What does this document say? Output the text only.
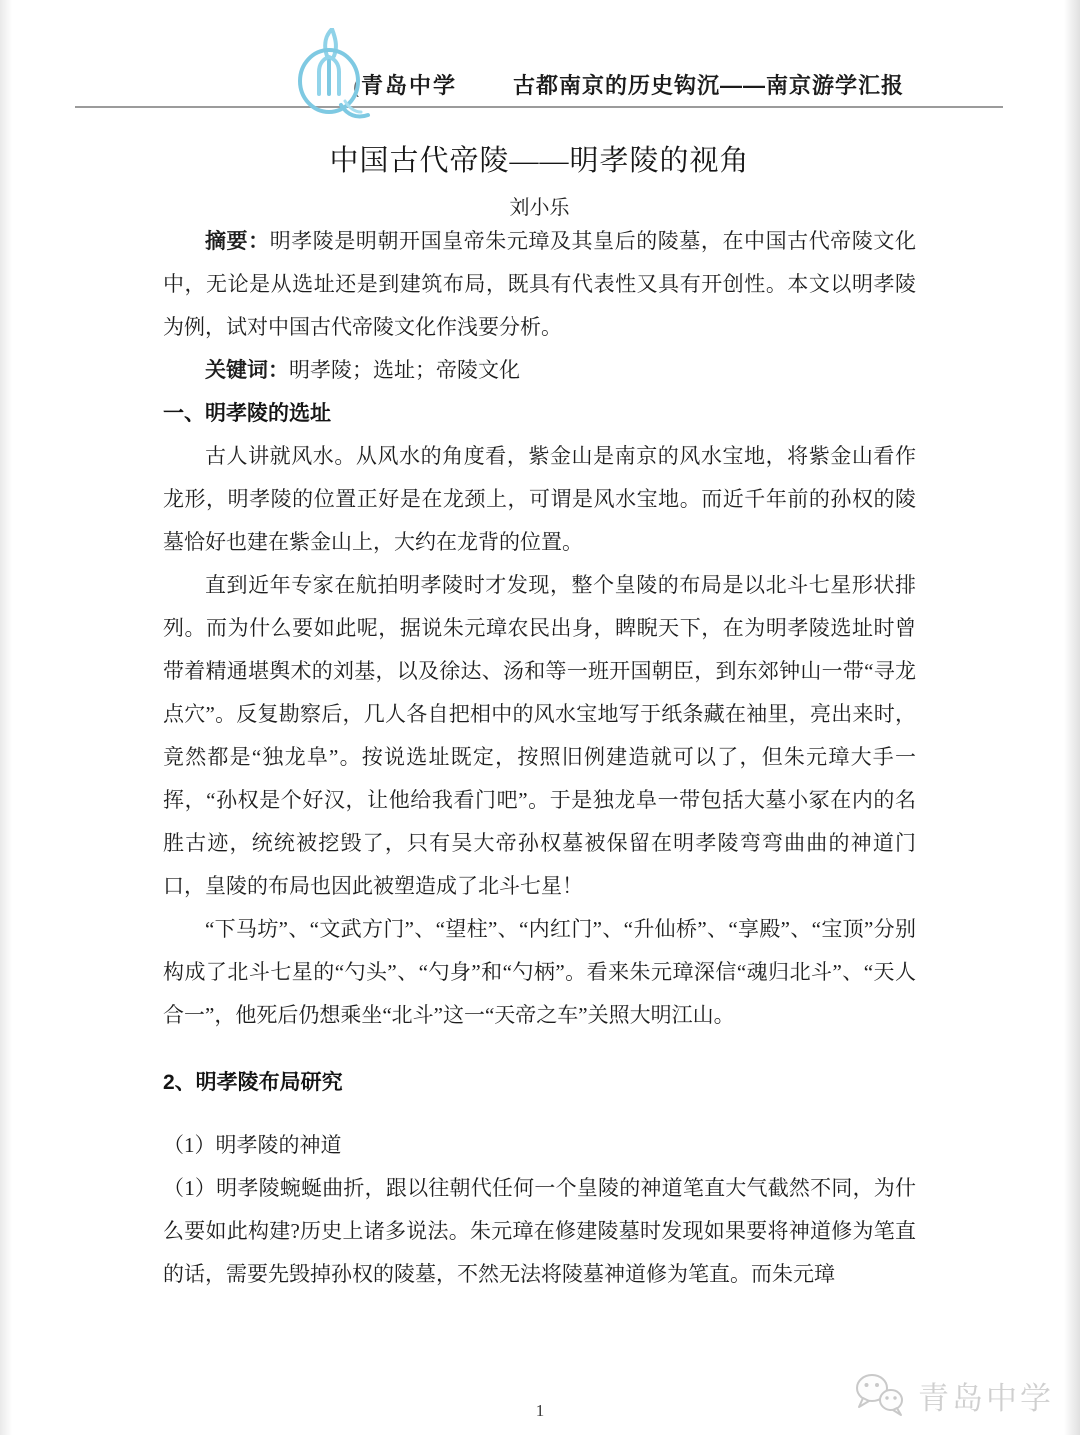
( 青岛中学	古都南京的历史钩沉——南京游学汇报
中国古代帝陵——明孝陵的视角
刘小乐

摘要：明孝陵是明朝开国皇帝朱元璋及其皇后的陵墓，在中国古代帝陵文化中，无论是从选址还是到建筑布局，既具有代表性又具有开创性。本文以明孝陵为例，试对中国古代帝陵文化作浅要分析。

关键词：明孝陵；选址；帝陵文化

一、明孝陵的选址

古人讲就风水。从风水的角度看，紫金山是南京的风水宝地，将紫金山看作龙形，明孝陵的位置正好是在龙颈上，可谓是风水宝地。而近千年前的孙权的陵墓恰好也建在紫金山上，大约在龙背的位置。

直到近年专家在航拍明孝陵时才发现，整个皇陵的布局是以北斗七星形状排列。而为什么要如此呢，据说朱元璋农民出身，睥睨天下，在为明孝陵选址时曾带着精通堪舆术的刘基，以及徐达、汤和等一班开国朝臣，到东郊钟山一带“寻龙点穴”。反复勘察后，几人各自把相中的风水宝地写于纸条藏在袖里，亮出来时，竟然都是“独龙阜”。按说选址既定，按照旧例建造就可以了，但朱元璋大手一挥，“孙权是个好汉，让他给我看门吧”。于是独龙阜一带包括大墓小冢在内的名胜古迹，统统被挖毁了，只有吴大帝孙权墓被保留在明孝陵弯弯曲曲的神道门口，皇陵的布局也因此被塑造成了北斗七星！

“下马坊”、“文武方门”、“望柱”、“内红门”、“升仙桥”、“享殿”、“宝顶”分别构成了北斗七星的“勺头”、“勺身”和“勺柄”。看来朱元璋深信“魂归北斗”、“天人合一”，他死后仍想乘坐“北斗”这一“天帝之车”关照大明江山。

2、明孝陵布局研究
（1）明孝陵的神道

（1）明孝陵蜿蜒曲折，跟以往朝代任何一个皇陵的神道笔直大气截然不同，为什么要如此构建?历史上诸多说法。朱元璋在修建陵墓时发现如果要将神道修为笔直的话，需要先毁掉孙权的陵墓，不然无法将陵墓神道修为笔直。而朱元璋

1	青岛中学
